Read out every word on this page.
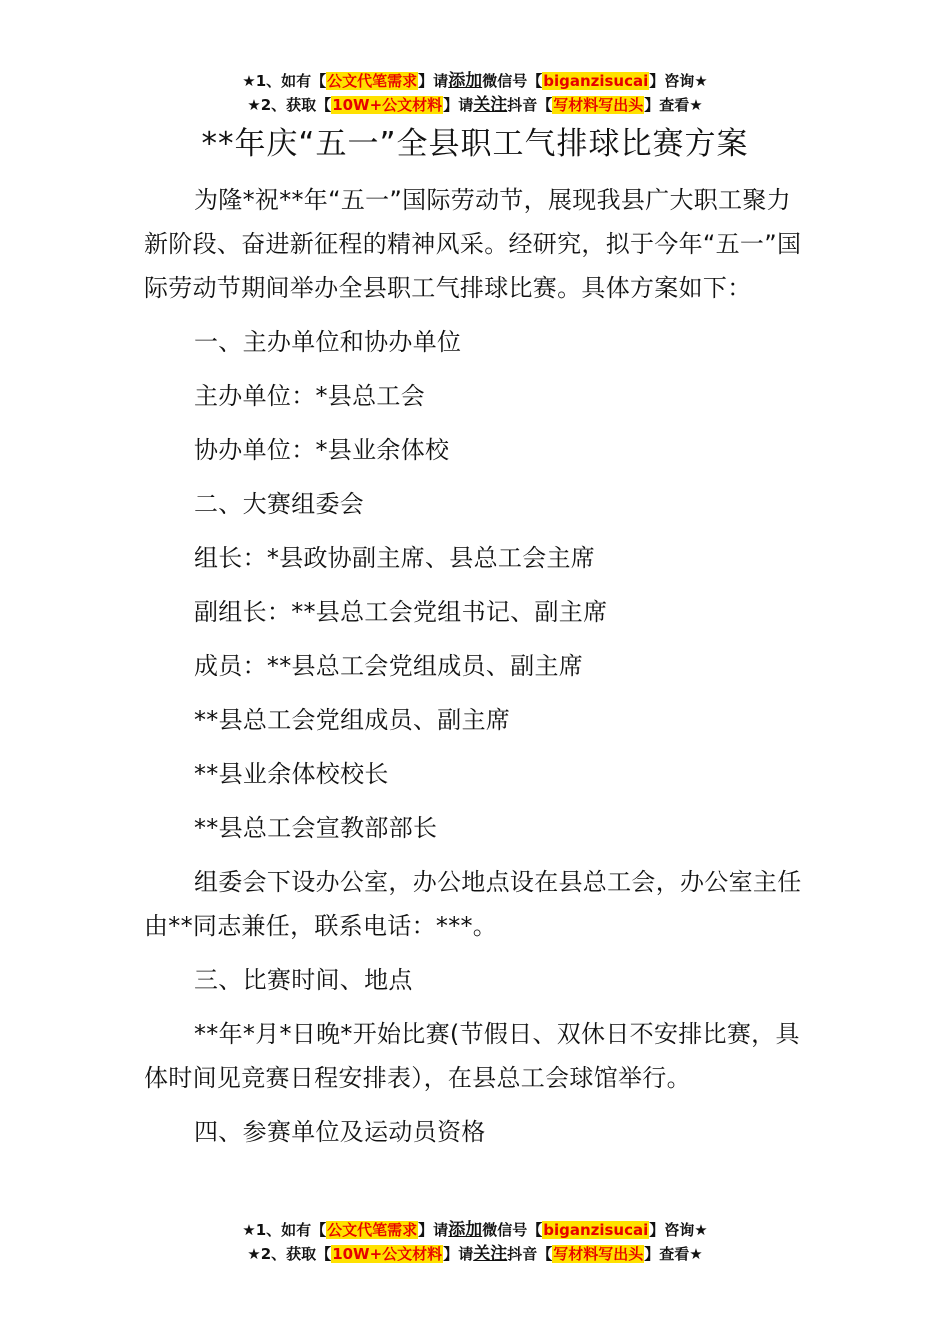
★1、如有【公文代笔需求】请添加微信号【biganzisucai】咨询★
★2、获取【10W+公文材料】请关注抖音【写材料写出头】查看★
**年庆“五一”全县职工气排球比赛方案

为隆*祝**年“五一”国际劳动节，展现我县广大职工聚力新阶段、奋进新征程的精神风采。经研究，拟于今年“五一”国际劳动节期间举办全县职工气排球比赛。具体方案如下：

一、主办单位和协办单位

主办单位：*县总工会

协办单位：*县业余体校

二、大赛组委会

组长：*县政协副主席、县总工会主席

副组长：**县总工会党组书记、副主席

成员：**县总工会党组成员、副主席

**县总工会党组成员、副主席

**县业余体校校长

**县总工会宣教部部长

组委会下设办公室，办公地点设在县总工会，办公室主任由**同志兼任，联系电话：***。

三、比赛时间、地点

**年*月*日晚*开始比赛(节假日、双休日不安排比赛，具体时间见竞赛日程安排表），在县总工会球馆举行。

四、参赛单位及运动员资格

★1、如有【公文代笔需求】请添加微信号【biganzisucai】咨询★
★2、获取【10W+公文材料】请关注抖音【写材料写出头】查看★
